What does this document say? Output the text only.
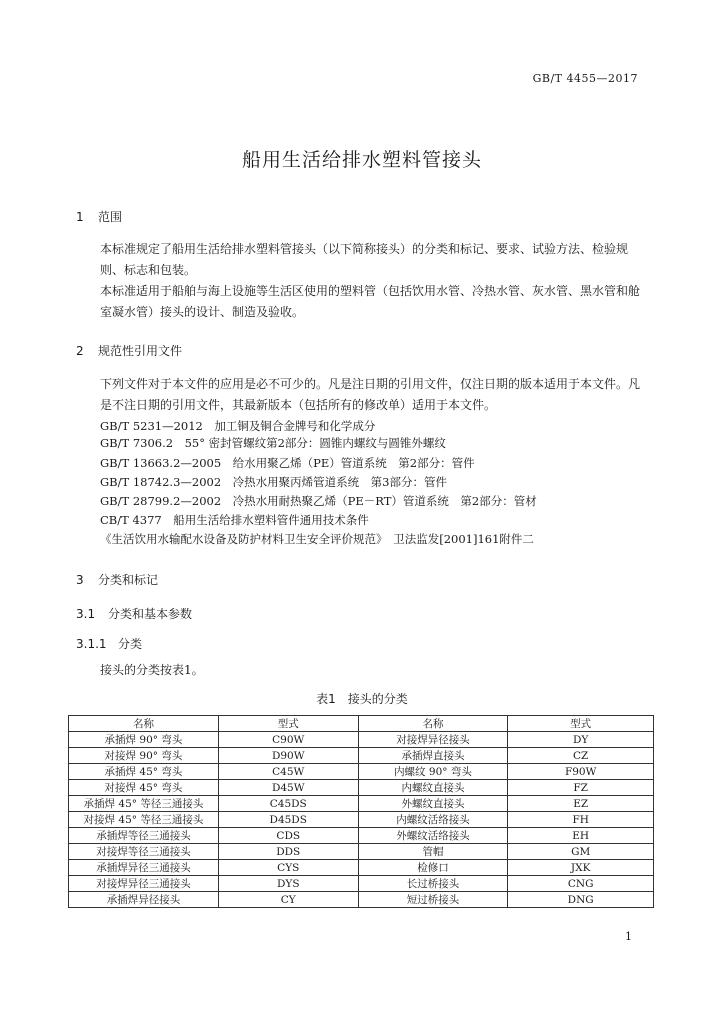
GB/T 4455—2017
船用生活给排水塑料管接头
1 范围
本标准规定了船用生活给排水塑料管接头（以下简称接头）的分类和标记、要求、试验方法、检验规则、标志和包装。
本标准适用于船舶与海上设施等生活区使用的塑料管（包括饮用水管、冷热水管、灰水管、黑水管和舱室凝水管）接头的设计、制造及验收。
2 规范性引用文件
下列文件对于本文件的应用是必不可少的。凡是注日期的引用文件，仅注日期的版本适用于本文件。凡是不注日期的引用文件，其最新版本（包括所有的修改单）适用于本文件。
GB/T 5231—2012　加工铜及铜合金牌号和化学成分
GB/T 7306.2　55° 密封管螺纹第2部分：圆锥内螺纹与圆锥外螺纹
GB/T 13663.2—2005　给水用聚乙烯（PE）管道系统　第2部分：管件
GB/T 18742.3—2002　冷热水用聚丙烯管道系统　第3部分：管件
GB/T 28799.2—2002　冷热水用耐热聚乙烯（PE－RT）管道系统　第2部分：管材
CB/T 4377　船用生活给排水塑料管件通用技术条件
《生活饮用水输配水设备及防护材料卫生安全评价规范》　卫法监发[2001]161附件二
3 分类和标记
3.1 分类和基本参数
3.1.1 分类
接头的分类按表1。
表1　接头的分类
名称	型式	名称	型式
承插焊 90° 弯头	C90W	对接焊异径接头	DY
对接焊 90° 弯头	D90W	承插焊直接头	CZ
承插焊 45° 弯头	C45W	内螺纹 90° 弯头	F90W
对接焊 45° 弯头	D45W	内螺纹直接头	FZ
承插焊 45° 等径三通接头	C45DS	外螺纹直接头	EZ
对接焊 45° 等径三通接头	D45DS	内螺纹活络接头	FH
承插焊等径三通接头	CDS	外螺纹活络接头	EH
对接焊等径三通接头	DDS	管帽	GM
承插焊异径三通接头	CYS	检修口	JXK
对接焊异径三通接头	DYS	长过桥接头	CNG
承插焊异径接头	CY	短过桥接头	DNG
1
